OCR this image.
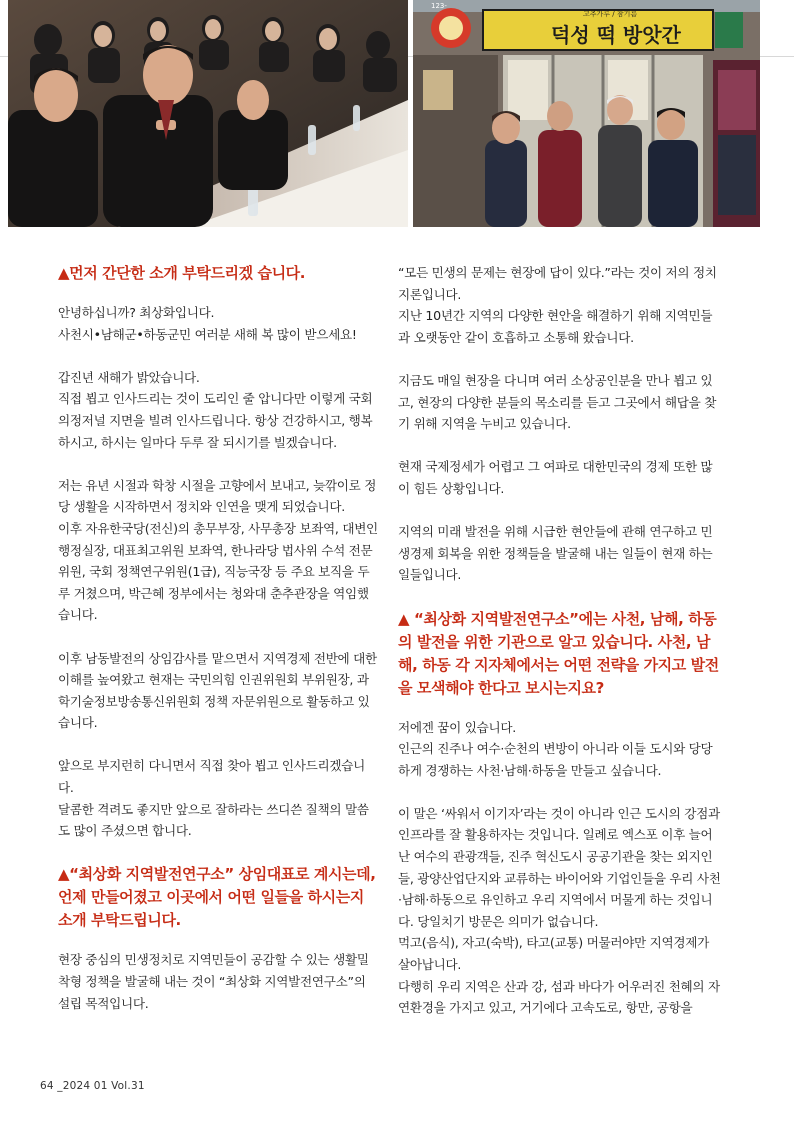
123-
고추가루 / 참기름
덕성 떡 방앗간
▲먼저 간단한 소개 부탁드리겠 습니다.
안녕하십니까? 최상화입니다.
사천시•남해군•하동군민 여러분 새해 복 많이 받으세요!
갑진년 새해가 밝았습니다.
직접 뵙고 인사드리는 것이 도리인 줄 압니다만 이렇게 국회의정저널 지면을 빌려 인사드립니다. 항상 건강하시고, 행복하시고, 하시는 일마다 두루 잘 되시기를 빌겠습니다.
저는 유년 시절과 학창 시절을 고향에서 보내고, 늦깎이로 정당 생활을 시작하면서 정치와 인연을 맺게 되었습니다.
이후 자유한국당(전신)의 총무부장, 사무총장 보좌역, 대변인 행정실장, 대표최고위원 보좌역, 한나라당 법사위 수석 전문위원, 국회 정책연구위원(1급), 직능국장 등 주요 보직을 두루 거쳤으며, 박근혜 정부에서는 청와대 춘추관장을 역임했습니다.
이후 남동발전의 상임감사를 맡으면서 지역경제 전반에 대한 이해를 높여왔고 현재는 국민의힘 인권위원회 부위원장, 과학기술정보방송통신위원회 정책 자문위원으로 활동하고 있습니다.
앞으로 부지런히 다니면서 직접 찾아 뵙고 인사드리겠습니다.
달콤한 격려도 좋지만 앞으로 잘하라는 쓰디쓴 질책의 말씀도 많이 주셨으면 합니다.
▲“최상화 지역발전연구소” 상임대표로 계시는데, 언제 만들어졌고 이곳에서 어떤 일들을 하시는지 소개 부탁드립니다.
현장 중심의 민생정치로 지역민들이 공감할 수 있는 생활밀착형 정책을 발굴해 내는 것이 “최상화 지역발전연구소”의 설립 목적입니다.
“모든 민생의 문제는 현장에 답이 있다.”라는 것이 저의 정치 지론입니다.
지난 10년간 지역의 다양한 현안을 해결하기 위해 지역민들과 오랫동안 같이 호흡하고 소통해 왔습니다.
지금도 매일 현장을 다니며 여러 소상공인분을 만나 뵙고 있고, 현장의 다양한 분들의 목소리를 듣고 그곳에서 해답을 찾기 위해 지역을 누비고 있습니다.
현재 국제정세가 어렵고 그 여파로 대한민국의 경제 또한 많이 힘든 상황입니다.
지역의 미래 발전을 위해 시급한 현안들에 관해 연구하고 민생경제 회복을 위한 정책들을 발굴해 내는 일들이 현재 하는 일들입니다.
▲ “최상화 지역발전연구소”에는 사천, 남해, 하동의 발전을 위한 기관으로 알고 있습니다. 사천, 남해, 하동 각 지자체에서는 어떤 전략을 가지고 발전을 모색해야 한다고 보시는지요?
저에겐 꿈이 있습니다.
인근의 진주나 여수·순천의 변방이 아니라 이들 도시와 당당하게 경쟁하는 사천·남해·하동을 만들고 싶습니다.
이 말은 ‘싸워서 이기자’라는 것이 아니라 인근 도시의 강점과 인프라를 잘 활용하자는 것입니다. 일례로 엑스포 이후 늘어난 여수의 관광객들, 진주 혁신도시 공공기관을 찾는 외지인들, 광양산업단지와 교류하는 바이어와 기업인들을 우리 사천·남해·하동으로 유인하고 우리 지역에서 머물게 하는 것입니다. 당일치기 방문은 의미가 없습니다.
먹고(음식), 자고(숙박), 타고(교통) 머물러야만 지역경제가 살아납니다.
다행히 우리 지역은 산과 강, 섬과 바다가 어우러진 천혜의 자연환경을 가지고 있고, 거기에다 고속도로, 항만, 공항을
64 _2024 01 Vol.31
